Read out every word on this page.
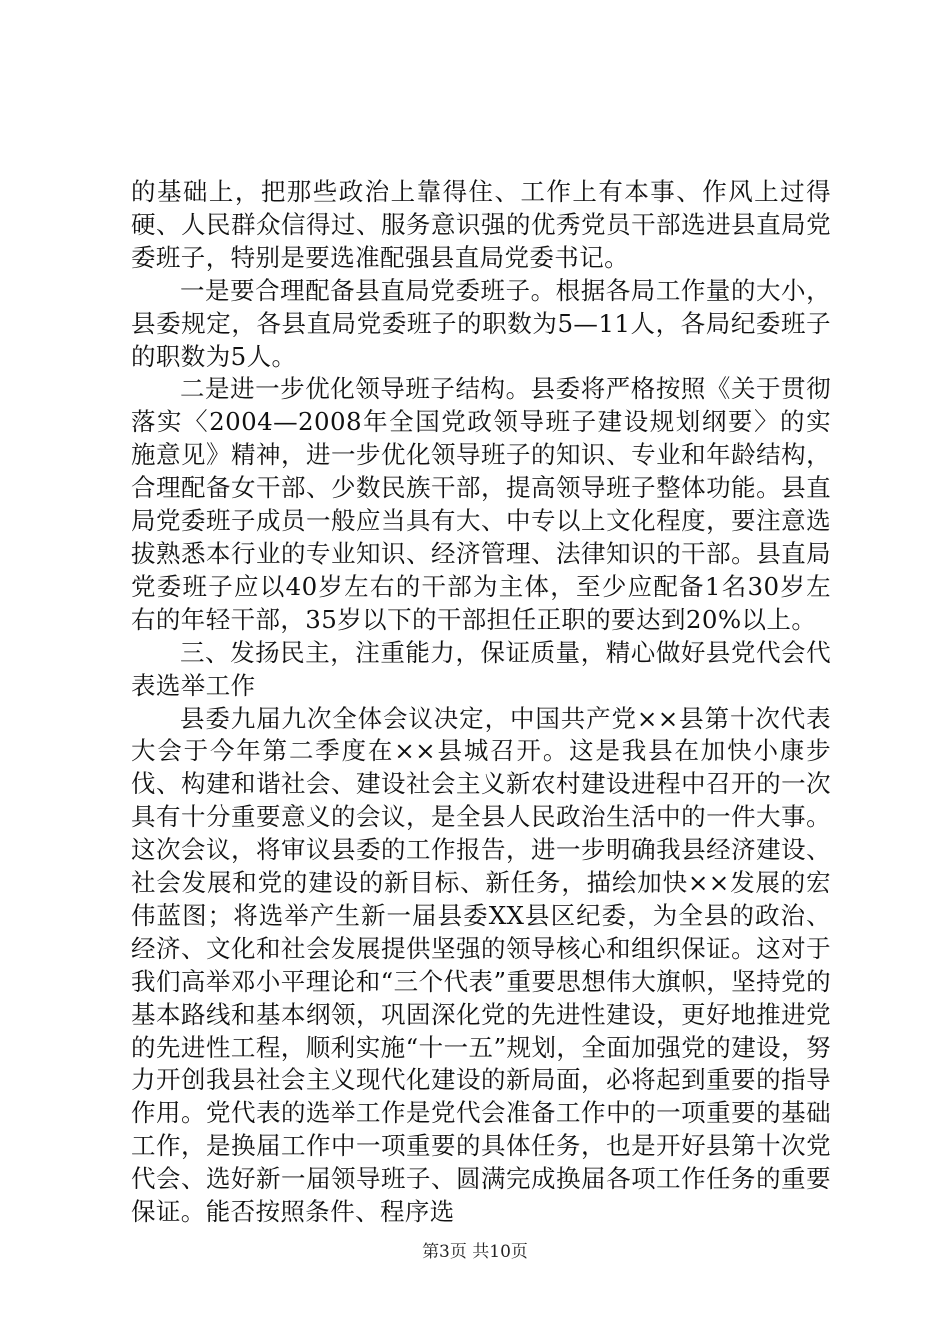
的基础上，把那些政治上靠得住、工作上有本事、作风上过得硬、人民群众信得过、服务意识强的优秀党员干部选进县直局党委班子，特别是要选准配强县直局党委书记。

一是要合理配备县直局党委班子。根据各局工作量的大小，县委规定，各县直局党委班子的职数为5—11人，各局纪委班子的职数为5人。

二是进一步优化领导班子结构。县委将严格按照《关于贯彻落实〈2004—2008年全国党政领导班子建设规划纲要〉的实施意见》精神，进一步优化领导班子的知识、专业和年龄结构，合理配备女干部、少数民族干部，提高领导班子整体功能。县直局党委班子成员一般应当具有大、中专以上文化程度，要注意选拔熟悉本行业的专业知识、经济管理、法律知识的干部。县直局党委班子应以40岁左右的干部为主体，至少应配备1名30岁左右的年轻干部，35岁以下的干部担任正职的要达到20%以上。

三、发扬民主，注重能力，保证质量，精心做好县党代会代表选举工作

县委九届九次全体会议决定，中国共产党××县第十次代表大会于今年第二季度在××县城召开。这是我县在加快小康步伐、构建和谐社会、建设社会主义新农村建设进程中召开的一次具有十分重要意义的会议，是全县人民政治生活中的一件大事。这次会议，将审议县委的工作报告，进一步明确我县经济建设、社会发展和党的建设的新目标、新任务，描绘加快××发展的宏伟蓝图；将选举产生新一届县委XX县区纪委，为全县的政治、经济、文化和社会发展提供坚强的领导核心和组织保证。这对于我们高举邓小平理论和“三个代表”重要思想伟大旗帜，坚持党的基本路线和基本纲领，巩固深化党的先进性建设，更好地推进党的先进性工程，顺利实施“十一五”规划，全面加强党的建设，努力开创我县社会主义现代化建设的新局面，必将起到重要的指导作用。党代表的选举工作是党代会准备工作中的一项重要的基础工作，是换届工作中一项重要的具体任务，也是开好县第十次党代会、选好新一届领导班子、圆满完成换届各项工作任务的重要保证。能否按照条件、程序选

第3页 共10页
